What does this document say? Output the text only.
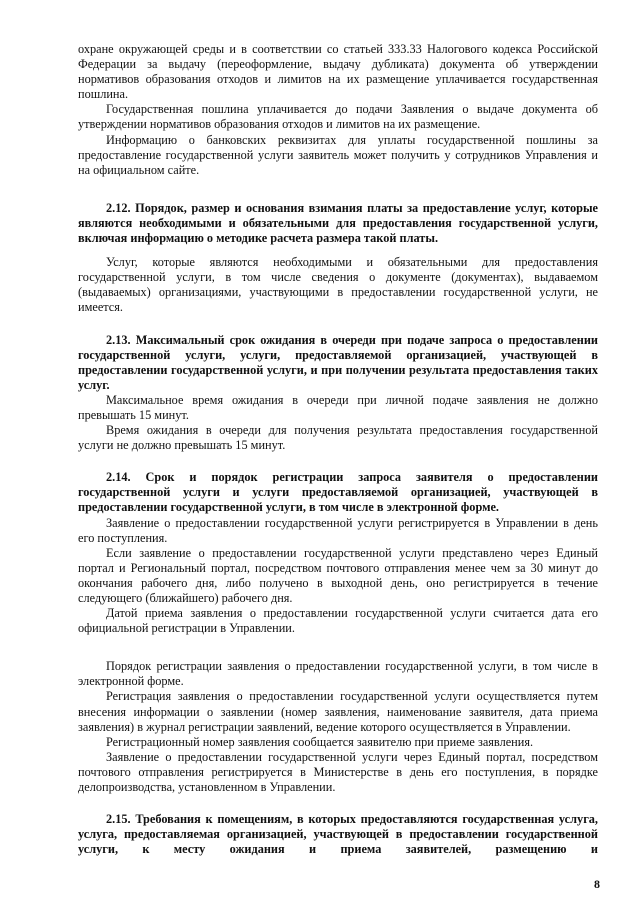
охране окружающей среды и в соответствии со статьей 333.33 Налогового кодекса Российской Федерации за выдачу (переоформление, выдачу дубликата) документа об утверждении нормативов образования отходов и лимитов на их размещение уплачивается государственная пошлина.

Государственная пошлина уплачивается до подачи Заявления о выдаче документа об утверждении нормативов образования отходов и лимитов на их размещение.

Информацию о банковских реквизитах для уплаты государственной пошлины за предоставление государственной услуги заявитель может получить у сотрудников Управления и на официальном сайте.

2.12. Порядок, размер и основания взимания платы за предоставление услуг, которые являются необходимыми и обязательными для предоставления государственной услуги, включая информацию о методике расчета размера такой платы.

Услуг, которые являются необходимыми и обязательными для предоставления государственной услуги, в том числе сведения о документе (документах), выдаваемом (выдаваемых) организациями, участвующими в предоставлении государственной услуги, не имеется.

2.13. Максимальный срок ожидания в очереди при подаче запроса о предоставлении государственной услуги, услуги, предоставляемой организацией, участвующей в предоставлении государственной услуги, и при получении результата предоставления таких услуг.

Максимальное время ожидания в очереди при личной подаче заявления не должно превышать 15 минут.

Время ожидания в очереди для получения результата предоставления государственной услуги не должно превышать 15 минут.

2.14. Срок и порядок регистрации запроса заявителя о предоставлении государственной услуги и услуги предоставляемой организацией, участвующей в предоставлении государственной услуги, в том числе в электронной форме.

Заявление о предоставлении государственной услуги регистрируется в Управлении в день его поступления.

Если заявление о предоставлении государственной услуги представлено через Единый портал и Региональный портал, посредством почтового отправления менее чем за 30 минут до окончания рабочего дня, либо получено в выходной день, оно регистрируется в течение следующего (ближайшего) рабочего дня.

Датой приема заявления о предоставлении государственной услуги считается дата его официальной регистрации в Управлении.

Порядок регистрации заявления о предоставлении государственной услуги, в том числе в электронной форме.

Регистрация заявления о предоставлении государственной услуги осуществляется путем внесения информации о заявлении (номер заявления, наименование заявителя, дата приема заявления) в журнал регистрации заявлений, ведение которого осуществляется в Управлении.

Регистрационный номер заявления сообщается заявителю при приеме заявления.

Заявление о предоставлении государственной услуги через Единый портал, посредством почтового отправления регистрируется в Министерстве в день его поступления, в порядке делопроизводства, установленном в Управлении.

2.15. Требования к помещениям, в которых предоставляются государственная услуга, услуга, предоставляемая организацией, участвующей в предоставлении государственной услуги, к месту ожидания и приема заявителей, размещению и

8
